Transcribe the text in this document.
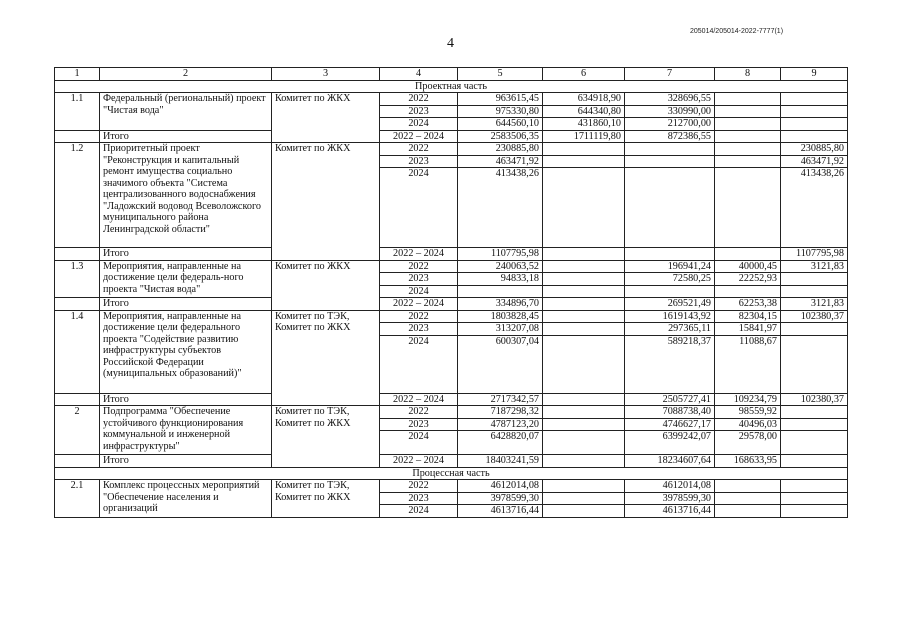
205014/205014-2022-7777(1)
4
1	2	3	4	5	6	7	8	9
Проектная часть								
1.1	Федеральный (региональный) проект "Чистая вода"	Комитет по ЖКХ	2022	963615,45	634918,90	328696,55		
			2023	975330,80	644340,80	330990,00		
			2024	644560,10	431860,10	212700,00		
	Итого		2022 – 2024	2583506,35	1711119,80	872386,55		
1.2	Приоритетный проект "Реконструкция и капитальный ремонт имущества социально значимого объекта "Система централизованного водоснабжения "Ладожский водовод Всеволожского муниципального района Ленинградской области"	Комитет по ЖКХ	2022	230885,80				230885,80
			2023	463471,92				463471,92
			2024	413438,26				413438,26
	Итого		2022 – 2024	1107795,98				1107795,98
1.3	Мероприятия, направленные на достижение цели федераль-ного проекта "Чистая вода"	Комитет по ЖКХ	2022	240063,52		196941,24	40000,45	3121,83
			2023	94833,18		72580,25	22252,93	
			2024					
	Итого		2022 – 2024	334896,70		269521,49	62253,38	3121,83
1.4	Мероприятия, направленные на достижение цели федерального проекта "Содействие развитию инфраструктуры субъектов Российской Федерации (муниципальных образований)"	Комитет по ТЭК, Комитет по ЖКХ	2022	1803828,45		1619143,92	82304,15	102380,37
			2023	313207,08		297365,11	15841,97	
			2024	600307,04		589218,37	11088,67	
	Итого		2022 – 2024	2717342,57		2505727,41	109234,79	102380,37
2	Подпрограмма "Обеспечение устойчивого функционирования коммунальной и инженерной инфраструктуры"	Комитет по ТЭК, Комитет по ЖКХ	2022	7187298,32		7088738,40	98559,92	
			2023	4787123,20		4746627,17	40496,03	
			2024	6428820,07		6399242,07	29578,00	
	Итого		2022 – 2024	18403241,59		18234607,64	168633,95	
Процессная часть								
2.1	Комплекс процессных мероприятий "Обеспечение населения и организаций	Комитет по ТЭК, Комитет по ЖКХ	2022	4612014,08		4612014,08		
			2023	3978599,30		3978599,30		
			2024	4613716,44		4613716,44		
